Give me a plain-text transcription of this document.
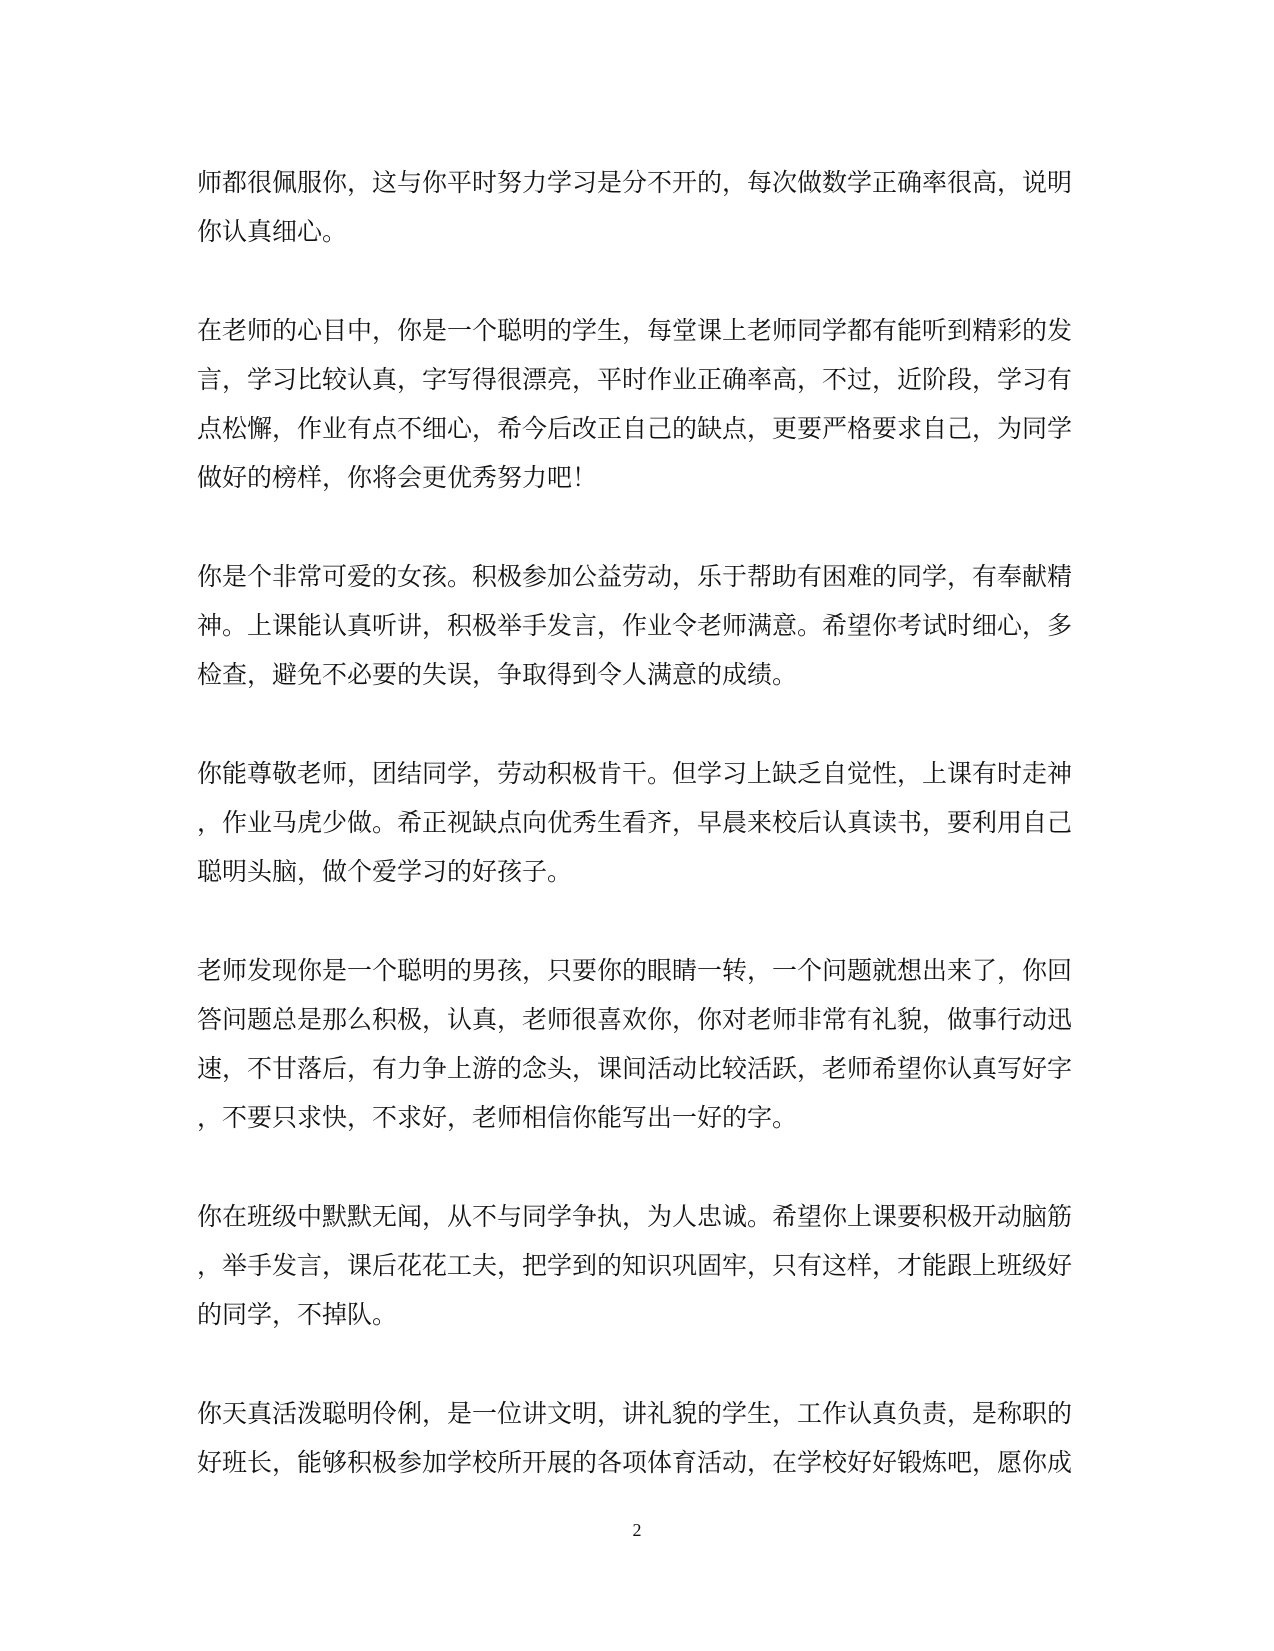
师都很佩服你，这与你平时努力学习是分不开的，每次做数学正确率很高，说明
你认真细心。
在老师的心目中，你是一个聪明的学生，每堂课上老师同学都有能听到精彩的发
言，学习比较认真，字写得很漂亮，平时作业正确率高，不过，近阶段，学习有
点松懈，作业有点不细心，希今后改正自己的缺点，更要严格要求自己，为同学
做好的榜样，你将会更优秀努力吧！
你是个非常可爱的女孩。积极参加公益劳动，乐于帮助有困难的同学，有奉献精
神。上课能认真听讲，积极举手发言，作业令老师满意。希望你考试时细心，多
检查，避免不必要的失误，争取得到令人满意的成绩。
你能尊敬老师，团结同学，劳动积极肯干。但学习上缺乏自觉性，上课有时走神
，作业马虎少做。希正视缺点向优秀生看齐，早晨来校后认真读书，要利用自己
聪明头脑，做个爱学习的好孩子。
老师发现你是一个聪明的男孩，只要你的眼睛一转，一个问题就想出来了，你回
答问题总是那么积极，认真，老师很喜欢你，你对老师非常有礼貌，做事行动迅
速，不甘落后，有力争上游的念头，课间活动比较活跃，老师希望你认真写好字
，不要只求快，不求好，老师相信你能写出一好的字。
你在班级中默默无闻，从不与同学争执，为人忠诚。希望你上课要积极开动脑筋
，举手发言，课后花花工夫，把学到的知识巩固牢，只有这样，才能跟上班级好
的同学，不掉队。
你天真活泼聪明伶俐，是一位讲文明，讲礼貌的学生，工作认真负责，是称职的
好班长，能够积极参加学校所开展的各项体育活动，在学校好好锻炼吧，愿你成
2
